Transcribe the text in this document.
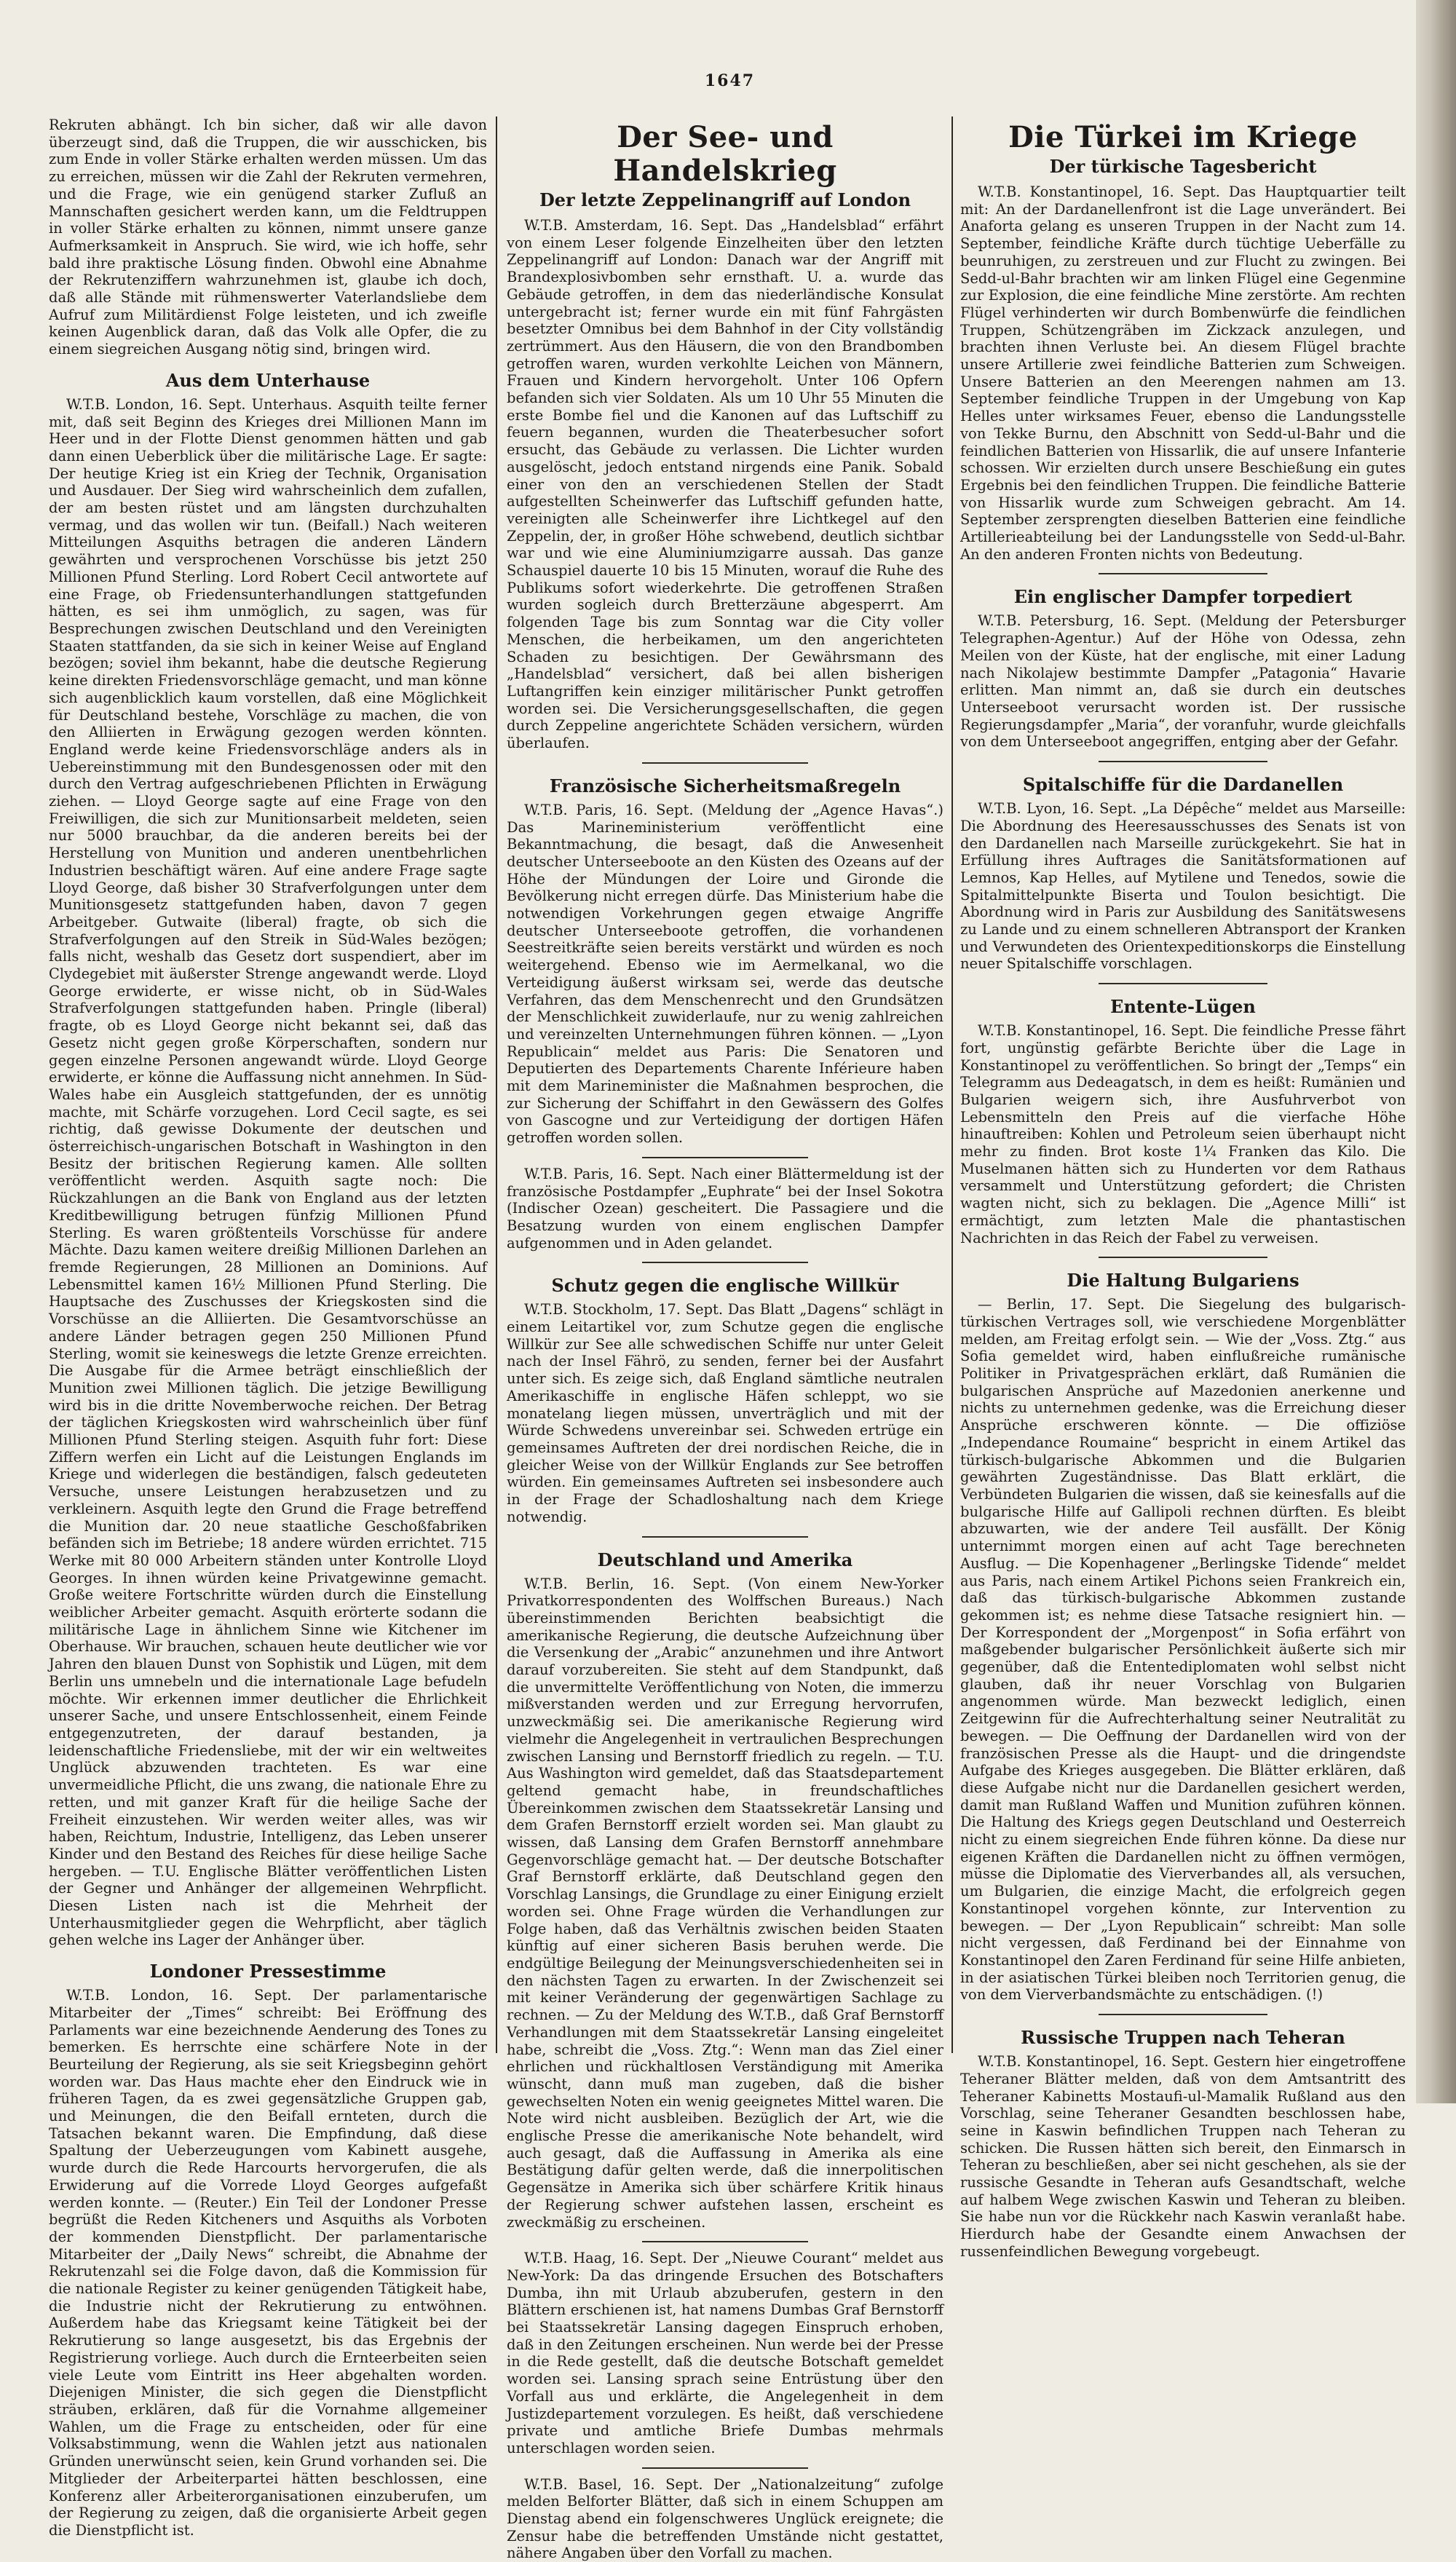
1647

Rekruten abhängt. Ich bin sicher, daß wir alle davon überzeugt sind, daß die Truppen, die wir ausschicken, bis zum Ende in voller Stärke erhalten werden müssen. Um das zu erreichen, müssen wir die Zahl der Rekruten vermehren, und die Frage, wie ein genügend starker Zufluß an Mannschaften gesichert werden kann, um die Feldtruppen in voller Stärke erhalten zu können, nimmt unsere ganze Aufmerksamkeit in Anspruch. Sie wird, wie ich hoffe, sehr bald ihre praktische Lösung finden. Obwohl eine Abnahme der Rekrutenziffern wahrzunehmen ist, glaube ich doch, daß alle Stände mit rühmenswerter Vaterlandsliebe dem Aufruf zum Militärdienst Folge leisteten, und ich zweifle keinen Augenblick daran, daß das Volk alle Opfer, die zu einem siegreichen Ausgang nötig sind, bringen wird.

Aus dem Unterhause

W.T.B. London, 16. Sept. Unterhaus. Asquith teilte ferner mit, daß seit Beginn des Krieges drei Millionen Mann im Heer und in der Flotte Dienst genommen hätten und gab dann einen Ueberblick über die militärische Lage. Er sagte: Der heutige Krieg ist ein Krieg der Technik, Organisation und Ausdauer. Der Sieg wird wahrscheinlich dem zufallen, der am besten rüstet und am längsten durchzuhalten vermag, und das wollen wir tun. (Beifall.) Nach weiteren Mitteilungen Asquiths betragen die anderen Ländern gewährten und versprochenen Vorschüsse bis jetzt 250 Millionen Pfund Sterling. Lord Robert Cecil antwortete auf eine Frage, ob Friedensunterhandlungen stattgefunden hätten, es sei ihm unmöglich, zu sagen, was für Besprechungen zwischen Deutschland und den Vereinigten Staaten stattfanden, da sie sich in keiner Weise auf England bezögen; soviel ihm bekannt, habe die deutsche Regierung keine direkten Friedensvorschläge gemacht, und man könne sich augenblicklich kaum vorstellen, daß eine Möglichkeit für Deutschland bestehe, Vorschläge zu machen, die von den Alliierten in Erwägung gezogen werden könnten. England werde keine Friedensvorschläge anders als in Uebereinstimmung mit den Bundesgenossen oder mit den durch den Vertrag aufgeschriebenen Pflichten in Erwägung ziehen. — Lloyd George sagte auf eine Frage von den Freiwilligen, die sich zur Munitionsarbeit meldeten, seien nur 5000 brauchbar, da die anderen bereits bei der Herstellung von Munition und anderen unentbehrlichen Industrien beschäftigt wären. Auf eine andere Frage sagte Lloyd George, daß bisher 30 Strafverfolgungen unter dem Munitionsgesetz stattgefunden haben, davon 7 gegen Arbeitgeber. Gutwaite (liberal) fragte, ob sich die Strafverfolgungen auf den Streik in Süd-Wales bezögen; falls nicht, weshalb das Gesetz dort suspendiert, aber im Clydegebiet mit äußerster Strenge angewandt werde. Lloyd George erwiderte, er wisse nicht, ob in Süd-Wales Strafverfolgungen stattgefunden haben. Pringle (liberal) fragte, ob es Lloyd George nicht bekannt sei, daß das Gesetz nicht gegen große Körperschaften, sondern nur gegen einzelne Personen angewandt würde. Lloyd George erwiderte, er könne die Auffassung nicht annehmen. In Süd-Wales habe ein Ausgleich stattgefunden, der es unnötig machte, mit Schärfe vorzugehen. Lord Cecil sagte, es sei richtig, daß gewisse Dokumente der deutschen und österreichisch-ungarischen Botschaft in Washington in den Besitz der britischen Regierung kamen. Alle sollten veröffentlicht werden. Asquith sagte noch: Die Rückzahlungen an die Bank von England aus der letzten Kreditbewilligung betrugen fünfzig Millionen Pfund Sterling. Es waren größtenteils Vorschüsse für andere Mächte. Dazu kamen weitere dreißig Millionen Darlehen an fremde Regierungen, 28 Millionen an Dominions. Auf Lebensmittel kamen 16½ Millionen Pfund Sterling. Die Hauptsache des Zuschusses der Kriegskosten sind die Vorschüsse an die Alliierten. Die Gesamtvorschüsse an andere Länder betragen gegen 250 Millionen Pfund Sterling, womit sie keineswegs die letzte Grenze erreichten. Die Ausgabe für die Armee beträgt einschließlich der Munition zwei Millionen täglich. Die jetzige Bewilligung wird bis in die dritte Novemberwoche reichen. Der Betrag der täglichen Kriegskosten wird wahrscheinlich über fünf Millionen Pfund Sterling steigen. Asquith fuhr fort: Diese Ziffern werfen ein Licht auf die Leistungen Englands im Kriege und widerlegen die beständigen, falsch gedeuteten Versuche, unsere Leistungen herabzusetzen und zu verkleinern. Asquith legte den Grund die Frage betreffend die Munition dar. 20 neue staatliche Geschoßfabriken befänden sich im Betriebe; 18 andere würden errichtet. 715 Werke mit 80 000 Arbeitern ständen unter Kontrolle Lloyd Georges. In ihnen würden keine Privatgewinne gemacht. Große weitere Fortschritte würden durch die Einstellung weiblicher Arbeiter gemacht. Asquith erörterte sodann die militärische Lage in ähnlichem Sinne wie Kitchener im Oberhause. Wir brauchen, schauen heute deutlicher wie vor Jahren den blauen Dunst von Sophistik und Lügen, mit dem Berlin uns umnebeln und die internationale Lage befudeln möchte. Wir erkennen immer deutlicher die Ehrlichkeit unserer Sache, und unsere Entschlossenheit, einem Feinde entgegenzutreten, der darauf bestanden, ja leidenschaftliche Friedensliebe, mit der wir ein weltweites Unglück abzuwenden trachteten. Es war eine unvermeidliche Pflicht, die uns zwang, die nationale Ehre zu retten, und mit ganzer Kraft für die heilige Sache der Freiheit einzustehen. Wir werden weiter alles, was wir haben, Reichtum, Industrie, Intelligenz, das Leben unserer Kinder und den Bestand des Reiches für diese heilige Sache hergeben. — T.U. Englische Blätter veröffentlichen Listen der Gegner und Anhänger der allgemeinen Wehrpflicht. Diesen Listen nach ist die Mehrheit der Unterhausmitglieder gegen die Wehrpflicht, aber täglich gehen welche ins Lager der Anhänger über.

Londoner Pressestimme

W.T.B. London, 16. Sept. Der parlamentarische Mitarbeiter der „Times“ schreibt: Bei Eröffnung des Parlaments war eine bezeichnende Aenderung des Tones zu bemerken. Es herrschte eine schärfere Note in der Beurteilung der Regierung, als sie seit Kriegsbeginn gehört worden war. Das Haus machte eher den Eindruck wie in früheren Tagen, da es zwei gegensätzliche Gruppen gab, und Meinungen, die den Beifall ernteten, durch die Tatsachen bekannt waren. Die Empfindung, daß diese Spaltung der Ueberzeugungen vom Kabinett ausgehe, wurde durch die Rede Harcourts hervorgerufen, die als Erwiderung auf die Vorrede Lloyd Georges aufgefaßt werden konnte. — (Reuter.) Ein Teil der Londoner Presse begrüßt die Reden Kitcheners und Asquiths als Vorboten der kommenden Dienstpflicht. Der parlamentarische Mitarbeiter der „Daily News“ schreibt, die Abnahme der Rekrutenzahl sei die Folge davon, daß die Kommission für die nationale Register zu keiner genügenden Tätigkeit habe, die Industrie nicht der Rekrutierung zu entwöhnen. Außerdem habe das Kriegsamt keine Tätigkeit bei der Rekrutierung so lange ausgesetzt, bis das Ergebnis der Registrierung vorliege. Auch durch die Ernteerbeiten seien viele Leute vom Eintritt ins Heer abgehalten worden. Diejenigen Minister, die sich gegen die Dienstpflicht sträuben, erklären, daß für die Vornahme allgemeiner Wahlen, um die Frage zu entscheiden, oder für eine Volksabstimmung, wenn die Wahlen jetzt aus nationalen Gründen unerwünscht seien, kein Grund vorhanden sei. Die Mitglieder der Arbeiterpartei hätten beschlossen, eine Konferenz aller Arbeiterorganisationen einzuberufen, um der Regierung zu zeigen, daß die organisierte Arbeit gegen die Dienstpflicht ist.

Der See- und Handelskrieg
Der letzte Zeppelinangriff auf London

W.T.B. Amsterdam, 16. Sept. Das „Handelsblad“ erfährt von einem Leser folgende Einzelheiten über den letzten Zeppelinangriff auf London: Danach war der Angriff mit Brandexplosivbomben sehr ernsthaft. U. a. wurde das Gebäude getroffen, in dem das niederländische Konsulat untergebracht ist; ferner wurde ein mit fünf Fahrgästen besetzter Omnibus bei dem Bahnhof in der City vollständig zertrümmert. Aus den Häusern, die von den Brandbomben getroffen waren, wurden verkohlte Leichen von Männern, Frauen und Kindern hervorgeholt. Unter 106 Opfern befanden sich vier Soldaten. Als um 10 Uhr 55 Minuten die erste Bombe fiel und die Kanonen auf das Luftschiff zu feuern begannen, wurden die Theaterbesucher sofort ersucht, das Gebäude zu verlassen. Die Lichter wurden ausgelöscht, jedoch entstand nirgends eine Panik. Sobald einer von den an verschiedenen Stellen der Stadt aufgestellten Scheinwerfer das Luftschiff gefunden hatte, vereinigten alle Scheinwerfer ihre Lichtkegel auf den Zeppelin, der, in großer Höhe schwebend, deutlich sichtbar war und wie eine Aluminiumzigarre aussah. Das ganze Schauspiel dauerte 10 bis 15 Minuten, worauf die Ruhe des Publikums sofort wiederkehrte. Die getroffenen Straßen wurden sogleich durch Bretterzäune abgesperrt. Am folgenden Tage bis zum Sonntag war die City voller Menschen, die herbeikamen, um den angerichteten Schaden zu besichtigen. Der Gewährsmann des „Handelsblad“ versichert, daß bei allen bisherigen Luftangriffen kein einziger militärischer Punkt getroffen worden sei. Die Versicherungsgesellschaften, die gegen durch Zeppeline angerichtete Schäden versichern, würden überlaufen.

Französische Sicherheitsmaßregeln

W.T.B. Paris, 16. Sept. (Meldung der „Agence Havas“.) Das Marineministerium veröffentlicht eine Bekanntmachung, die besagt, daß die Anwesenheit deutscher Unterseeboote an den Küsten des Ozeans auf der Höhe der Mündungen der Loire und Gironde die Bevölkerung nicht erregen dürfe. Das Ministerium habe die notwendigen Vorkehrungen gegen etwaige Angriffe deutscher Unterseeboote getroffen, die vorhandenen Seestreitkräfte seien bereits verstärkt und würden es noch weitergehend. Ebenso wie im Aermelkanal, wo die Verteidigung äußerst wirksam sei, werde das deutsche Verfahren, das dem Menschenrecht und den Grundsätzen der Menschlichkeit zuwiderlaufe, nur zu wenig zahlreichen und vereinzelten Unternehmungen führen können. — „Lyon Republicain“ meldet aus Paris: Die Senatoren und Deputierten des Departements Charente Inférieure haben mit dem Marineminister die Maßnahmen besprochen, die zur Sicherung der Schiffahrt in den Gewässern des Golfes von Gascogne und zur Verteidigung der dortigen Häfen getroffen worden sollen.

W.T.B. Paris, 16. Sept. Nach einer Blättermeldung ist der französische Postdampfer „Euphrate“ bei der Insel Sokotra (Indischer Ozean) gescheitert. Die Passagiere und die Besatzung wurden von einem englischen Dampfer aufgenommen und in Aden gelandet.

Schutz gegen die englische Willkür

W.T.B. Stockholm, 17. Sept. Das Blatt „Dagens“ schlägt in einem Leitartikel vor, zum Schutze gegen die englische Willkür zur See alle schwedischen Schiffe nur unter Geleit nach der Insel Fährö, zu senden, ferner bei der Ausfahrt unter sich. Es zeige sich, daß England sämtliche neutralen Amerikaschiffe in englische Häfen schleppt, wo sie monatelang liegen müssen, unverträglich und mit der Würde Schwedens unvereinbar sei. Schweden ertrüge ein gemeinsames Auftreten der drei nordischen Reiche, die in gleicher Weise von der Willkür Englands zur See betroffen würden. Ein gemeinsames Auftreten sei insbesondere auch in der Frage der Schadloshaltung nach dem Kriege notwendig.

Deutschland und Amerika

W.T.B. Berlin, 16. Sept. (Von einem New-Yorker Privatkorrespondenten des Wolffschen Bureaus.) Nach übereinstimmenden Berichten beabsichtigt die amerikanische Regierung, die deutsche Aufzeichnung über die Versenkung der „Arabic“ anzunehmen und ihre Antwort darauf vorzubereiten. Sie steht auf dem Standpunkt, daß die unvermittelte Veröffentlichung von Noten, die immerzu mißverstanden werden und zur Erregung hervorrufen, unzweckmäßig sei. Die amerikanische Regierung wird vielmehr die Angelegenheit in vertraulichen Besprechungen zwischen Lansing und Bernstorff friedlich zu regeln. — T.U. Aus Washington wird gemeldet, daß das Staatsdepartement geltend gemacht habe, in freundschaftliches Übereinkommen zwischen dem Staatssekretär Lansing und dem Grafen Bernstorff erzielt worden sei. Man glaubt zu wissen, daß Lansing dem Grafen Bernstorff annehmbare Gegenvorschläge gemacht hat. — Der deutsche Botschafter Graf Bernstorff erklärte, daß Deutschland gegen den Vorschlag Lansings, die Grundlage zu einer Einigung erzielt worden sei. Ohne Frage würden die Verhandlungen zur Folge haben, daß das Verhältnis zwischen beiden Staaten künftig auf einer sicheren Basis beruhen werde. Die endgültige Beilegung der Meinungsverschiedenheiten sei in den nächsten Tagen zu erwarten. In der Zwischenzeit sei mit keiner Veränderung der gegenwärtigen Sachlage zu rechnen. — Zu der Meldung des W.T.B., daß Graf Bernstorff Verhandlungen mit dem Staatssekretär Lansing eingeleitet habe, schreibt die „Voss. Ztg.“: Wenn man das Ziel einer ehrlichen und rückhaltlosen Verständigung mit Amerika wünscht, dann muß man zugeben, daß die bisher gewechselten Noten ein wenig geeignetes Mittel waren. Die Note wird nicht ausbleiben. Bezüglich der Art, wie die englische Presse die amerikanische Note behandelt, wird auch gesagt, daß die Auffassung in Amerika als eine Bestätigung dafür gelten werde, daß die innerpolitischen Gegensätze in Amerika sich über schärfere Kritik hinaus der Regierung schwer aufstehen lassen, erscheint es zweckmäßig zu erscheinen.

W.T.B. Haag, 16. Sept. Der „Nieuwe Courant“ meldet aus New-York: Da das dringende Ersuchen des Botschafters Dumba, ihn mit Urlaub abzuberufen, gestern in den Blättern erschienen ist, hat namens Dumbas Graf Bernstorff bei Staatssekretär Lansing dagegen Einspruch erhoben, daß in den Zeitungen erscheinen. Nun werde bei der Presse in die Rede gestellt, daß die deutsche Botschaft gemeldet worden sei. Lansing sprach seine Entrüstung über den Vorfall aus und erklärte, die Angelegenheit in dem Justizdepartement vorzulegen. Es heißt, daß verschiedene private und amtliche Briefe Dumbas mehrmals unterschlagen worden seien.

W.T.B. Basel, 16. Sept. Der „Nationalzeitung“ zufolge melden Belforter Blätter, daß sich in einem Schuppen am Dienstag abend ein folgenschweres Unglück ereignete; die Zensur habe die betreffenden Umstände nicht gestattet, nähere Angaben über den Vorfall zu machen.

Die Türkei im Kriege
Der türkische Tagesbericht

W.T.B. Konstantinopel, 16. Sept. Das Hauptquartier teilt mit: An der Dardanellenfront ist die Lage unverändert. Bei Anaforta gelang es unseren Truppen in der Nacht zum 14. September, feindliche Kräfte durch tüchtige Ueberfälle zu beunruhigen, zu zerstreuen und zur Flucht zu zwingen. Bei Sedd-ul-Bahr brachten wir am linken Flügel eine Gegenmine zur Explosion, die eine feindliche Mine zerstörte. Am rechten Flügel verhinderten wir durch Bombenwürfe die feindlichen Truppen, Schützengräben im Zickzack anzulegen, und brachten ihnen Verluste bei. An diesem Flügel brachte unsere Artillerie zwei feindliche Batterien zum Schweigen. Unsere Batterien an den Meerengen nahmen am 13. September feindliche Truppen in der Umgebung von Kap Helles unter wirksames Feuer, ebenso die Landungsstelle von Tekke Burnu, den Abschnitt von Sedd-ul-Bahr und die feindlichen Batterien von Hissarlik, die auf unsere Infanterie schossen. Wir erzielten durch unsere Beschießung ein gutes Ergebnis bei den feindlichen Truppen. Die feindliche Batterie von Hissarlik wurde zum Schweigen gebracht. Am 14. September zersprengten dieselben Batterien eine feindliche Artillerieabteilung bei der Landungsstelle von Sedd-ul-Bahr. An den anderen Fronten nichts von Bedeutung.

Ein englischer Dampfer torpediert

W.T.B. Petersburg, 16. Sept. (Meldung der Petersburger Telegraphen-Agentur.) Auf der Höhe von Odessa, zehn Meilen von der Küste, hat der englische, mit einer Ladung nach Nikolajew bestimmte Dampfer „Patagonia“ Havarie erlitten. Man nimmt an, daß sie durch ein deutsches Unterseeboot verursacht worden ist. Der russische Regierungsdampfer „Maria“, der voranfuhr, wurde gleichfalls von dem Unterseeboot angegriffen, entging aber der Gefahr.

Spitalschiffe für die Dardanellen

W.T.B. Lyon, 16. Sept. „La Dépêche“ meldet aus Marseille: Die Abordnung des Heeresausschusses des Senats ist von den Dardanellen nach Marseille zurückgekehrt. Sie hat in Erfüllung ihres Auftrages die Sanitätsformationen auf Lemnos, Kap Helles, auf Mytilene und Tenedos, sowie die Spitalmittelpunkte Biserta und Toulon besichtigt. Die Abordnung wird in Paris zur Ausbildung des Sanitätswesens zu Lande und zu einem schnelleren Abtransport der Kranken und Verwundeten des Orientexpeditionskorps die Einstellung neuer Spitalschiffe vorschlagen.

Entente-Lügen

W.T.B. Konstantinopel, 16. Sept. Die feindliche Presse fährt fort, ungünstig gefärbte Berichte über die Lage in Konstantinopel zu veröffentlichen. So bringt der „Temps“ ein Telegramm aus Dedeagatsch, in dem es heißt: Rumänien und Bulgarien weigern sich, ihre Ausfuhrverbot von Lebensmitteln den Preis auf die vierfache Höhe hinauftreiben: Kohlen und Petroleum seien überhaupt nicht mehr zu finden. Brot koste 1¼ Franken das Kilo. Die Muselmanen hätten sich zu Hunderten vor dem Rathaus versammelt und Unterstützung gefordert; die Christen wagten nicht, sich zu beklagen. Die „Agence Milli“ ist ermächtigt, zum letzten Male die phantastischen Nachrichten in das Reich der Fabel zu verweisen.

Die Haltung Bulgariens

— Berlin, 17. Sept. Die Siegelung des bulgarisch-türkischen Vertrages soll, wie verschiedene Morgenblätter melden, am Freitag erfolgt sein. — Wie der „Voss. Ztg.“ aus Sofia gemeldet wird, haben einflußreiche rumänische Politiker in Privatgesprächen erklärt, daß Rumänien die bulgarischen Ansprüche auf Mazedonien anerkenne und nichts zu unternehmen gedenke, was die Erreichung dieser Ansprüche erschweren könnte. — Die offiziöse „Independance Roumaine“ bespricht in einem Artikel das türkisch-bulgarische Abkommen und die Bulgarien gewährten Zugeständnisse. Das Blatt erklärt, die Verbündeten Bulgarien die wissen, daß sie keinesfalls auf die bulgarische Hilfe auf Gallipoli rechnen dürften. Es bleibt abzuwarten, wie der andere Teil ausfällt. Der König unternimmt morgen einen auf acht Tage berechneten Ausflug. — Die Kopenhagener „Berlingske Tidende“ meldet aus Paris, nach einem Artikel Pichons seien Frankreich ein, daß das türkisch-bulgarische Abkommen zustande gekommen ist; es nehme diese Tatsache resigniert hin. — Der Korrespondent der „Morgenpost“ in Sofia erfährt von maßgebender bulgarischer Persönlichkeit äußerte sich mir gegenüber, daß die Ententediplomaten wohl selbst nicht glauben, daß ihr neuer Vorschlag von Bulgarien angenommen würde. Man bezweckt lediglich, einen Zeitgewinn für die Aufrechterhaltung seiner Neutralität zu bewegen. — Die Oeffnung der Dardanellen wird von der französischen Presse als die Haupt- und die dringendste Aufgabe des Krieges ausgegeben. Die Blätter erklären, daß diese Aufgabe nicht nur die Dardanellen gesichert werden, damit man Rußland Waffen und Munition zuführen können. Die Haltung des Kriegs gegen Deutschland und Oesterreich nicht zu einem siegreichen Ende führen könne. Da diese nur eigenen Kräften die Dardanellen nicht zu öffnen vermögen, müsse die Diplomatie des Vierverbandes all, als versuchen, um Bulgarien, die einzige Macht, die erfolgreich gegen Konstantinopel vorgehen könnte, zur Intervention zu bewegen. — Der „Lyon Republicain“ schreibt: Man solle nicht vergessen, daß Ferdinand bei der Einnahme von Konstantinopel den Zaren Ferdinand für seine Hilfe anbieten, in der asiatischen Türkei bleiben noch Territorien genug, die von dem Vierverbandsmächte zu entschädigen. (!)

Russische Truppen nach Teheran

W.T.B. Konstantinopel, 16. Sept. Gestern hier eingetroffene Teheraner Blätter melden, daß von dem Amtsantritt des Teheraner Kabinetts Mostaufi-ul-Mamalik Rußland aus den Vorschlag, seine Teheraner Gesandten beschlossen habe, seine in Kaswin befindlichen Truppen nach Teheran zu schicken. Die Russen hätten sich bereit, den Einmarsch in Teheran zu beschließen, aber sei nicht geschehen, als sie der russische Gesandte in Teheran aufs Gesandtschaft, welche auf halbem Wege zwischen Kaswin und Teheran zu bleiben. Sie habe nun vor die Rückkehr nach Kaswin veranlaßt habe. Hierdurch habe der Gesandte einem Anwachsen der russenfeindlichen Bewegung vorgebeugt.
